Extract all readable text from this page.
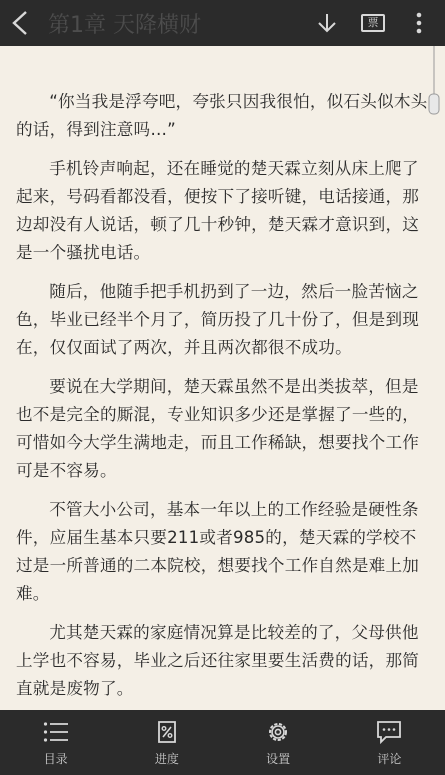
第1章 天降横财	票

“你当我是浮夸吧，夸张只因我很怕，似石头似木头的话，得到注意吗…”

手机铃声响起，还在睡觉的楚天霖立刻从床上爬了起来，号码看都没看，便按下了接听键，电话接通，那边却没有人说话，顿了几十秒钟，楚天霖才意识到，这是一个骚扰电话。

随后，他随手把手机扔到了一边，然后一脸苦恼之色，毕业已经半个月了，简历投了几十份了，但是到现在，仅仅面试了两次，并且两次都很不成功。

要说在大学期间，楚天霖虽然不是出类拔萃，但是也不是完全的厮混，专业知识多少还是掌握了一些的，可惜如今大学生满地走，而且工作稀缺，想要找个工作可是不容易。

不管大小公司，基本一年以上的工作经验是硬性条件，应届生基本只要211或者985的，楚天霖的学校不过是一所普通的二本院校，想要找个工作自然是难上加难。

尤其楚天霖的家庭情况算是比较差的了，父母供他上学也不容易，毕业之后还往家里要生活费的话，那简直就是废物了。

目录	进度	设置	评论
